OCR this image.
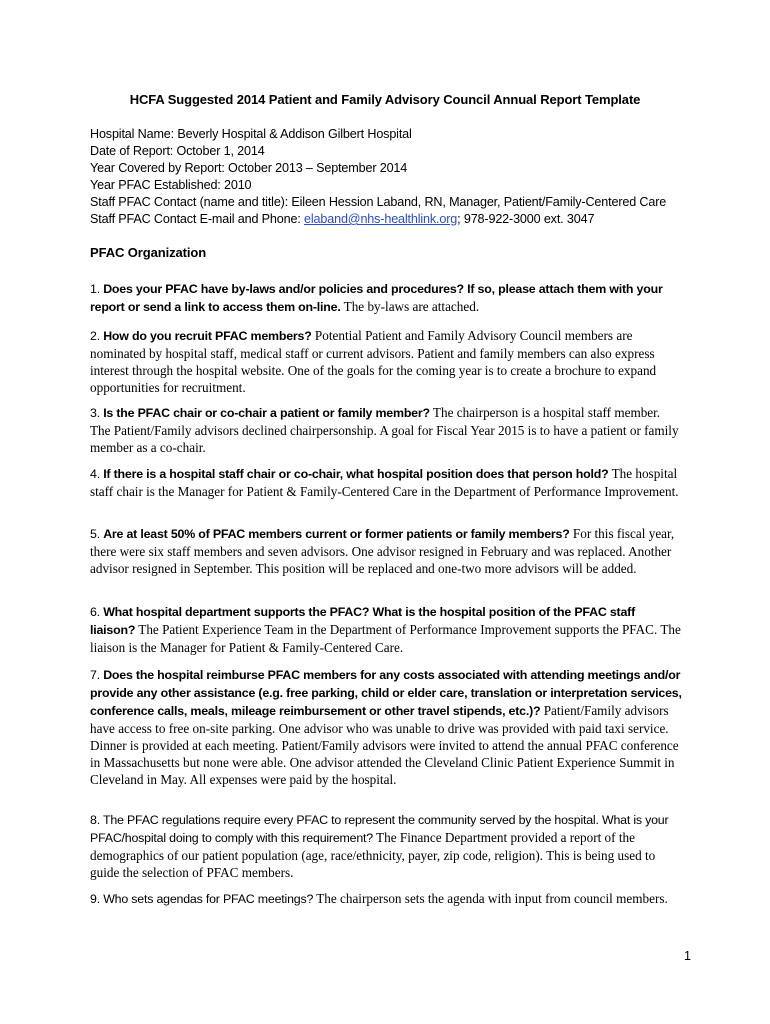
HCFA Suggested 2014 Patient and Family Advisory Council Annual Report Template
Hospital Name: Beverly Hospital & Addison Gilbert Hospital
Date of Report: October 1, 2014
Year Covered by Report: October 2013 – September 2014
Year PFAC Established: 2010
Staff PFAC Contact (name and title): Eileen Hession Laband, RN, Manager, Patient/Family-Centered Care
Staff PFAC Contact E-mail and Phone: elaband@nhs-healthlink.org; 978-922-3000 ext. 3047
PFAC Organization
1. Does your PFAC have by-laws and/or policies and procedures? If so, please attach them with your report or send a link to access them on-line. The by-laws are attached.
2. How do you recruit PFAC members? Potential Patient and Family Advisory Council members are nominated by hospital staff, medical staff or current advisors. Patient and family members can also express interest through the hospital website. One of the goals for the coming year is to create a brochure to expand opportunities for recruitment.
3. Is the PFAC chair or co-chair a patient or family member? The chairperson is a hospital staff member. The Patient/Family advisors declined chairpersonship. A goal for Fiscal Year 2015 is to have a patient or family member as a co-chair.
4. If there is a hospital staff chair or co-chair, what hospital position does that person hold? The hospital staff chair is the Manager for Patient & Family-Centered Care in the Department of Performance Improvement.
5. Are at least 50% of PFAC members current or former patients or family members? For this fiscal year, there were six staff members and seven advisors. One advisor resigned in February and was replaced. Another advisor resigned in September. This position will be replaced and one-two more advisors will be added.
6. What hospital department supports the PFAC? What is the hospital position of the PFAC staff liaison? The Patient Experience Team in the Department of Performance Improvement supports the PFAC. The liaison is the Manager for Patient & Family-Centered Care.
7. Does the hospital reimburse PFAC members for any costs associated with attending meetings and/or provide any other assistance (e.g. free parking, child or elder care, translation or interpretation services, conference calls, meals, mileage reimbursement or other travel stipends, etc.)? Patient/Family advisors have access to free on-site parking. One advisor who was unable to drive was provided with paid taxi service. Dinner is provided at each meeting. Patient/Family advisors were invited to attend the annual PFAC conference in Massachusetts but none were able. One advisor attended the Cleveland Clinic Patient Experience Summit in Cleveland in May. All expenses were paid by the hospital.
8. The PFAC regulations require every PFAC to represent the community served by the hospital. What is your PFAC/hospital doing to comply with this requirement? The Finance Department provided a report of the demographics of our patient population (age, race/ethnicity, payer, zip code, religion). This is being used to guide the selection of PFAC members.
9. Who sets agendas for PFAC meetings? The chairperson sets the agenda with input from council members.
1
